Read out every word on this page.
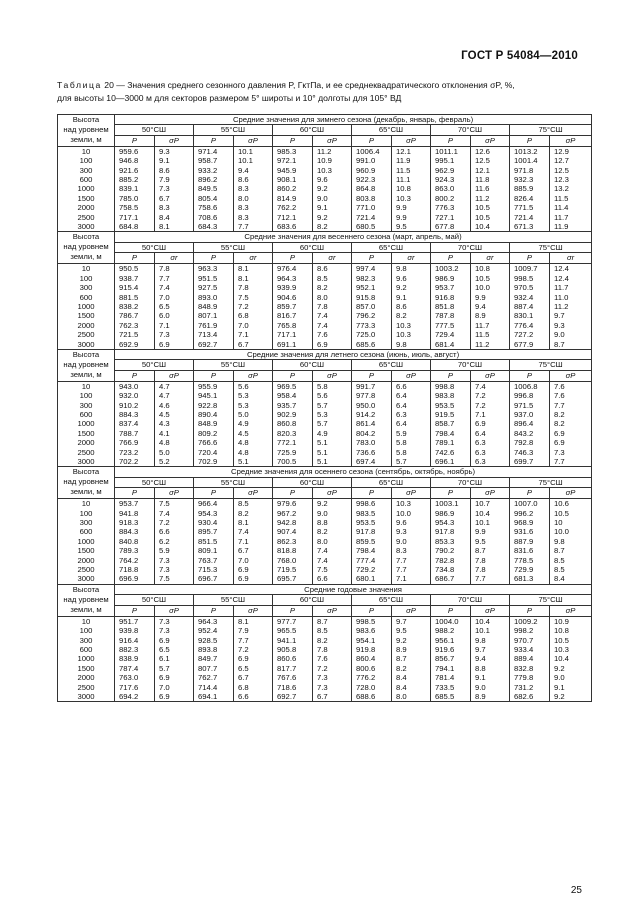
ГОСТ Р 54084—2010
Таблица 20 — Значения среднего сезонного давления P, ГктПа, и ее среднеквадратического отклонения σP, %,
для высоты 10—3000 м для секторов размером 5° широты и 10° долготы для 105° ВД
Высота
над уровнем
земли, м	Средние значения для зимнего сезона (декабрь, январь, февраль)											
	50°СШ		55°СШ		60°СШ		65°СШ		70°СШ		75°СШ	
	P	σP	P	σP	P	σP	P	σP	P	σP	P	σP
10	959.6	9.3	971.4	10.1	985.3	11.2	1006.4	12.1	1011.1	12.6	1013.2	12.9
100	946.8	9.1	958.7	10.1	972.1	10.9	991.0	11.9	995.1	12.5	1001.4	12.7
300	921.6	8.6	933.2	9.4	945.9	10.3	960.9	11.5	962.9	12.1	971.8	12.5
600	885.2	7.9	896.2	8.6	908.1	9.6	922.3	11.1	924.3	11.8	932.3	12.3
1000	839.1	7.3	849.5	8.3	860.2	9.2	864.8	10.8	863.0	11.6	885.9	13.2
1500	785.0	6.7	805.4	8.0	814.9	9.0	803.8	10.3	800.2	11.2	826.4	11.5
2000	758.5	8.3	758.6	8.3	762.2	9.1	771.0	9.9	776.3	10.5	771.5	11.4
2500	717.1	8.4	708.6	8.3	712.1	9.2	721.4	9.9	727.1	10.5	721.4	11.7
3000	684.8	8.1	684.3	7.7	683.6	8.2	680.5	9.5	677.8	10.4	671.3	11.9
Высота
над уровнем
земли, м	Средние значения для весеннего сезона (март, апрель, май)											
	50°СШ		55°СШ		60°СШ		65°СШ		70°СШ		75°СШ	
	P	σr	P	σr	P	σr	P	σr	P	σr	P	σr
10	950.5	7.8	963.3	8.1	976.4	8.6	997.4	9.8	1003.2	10.8	1009.7	12.4
100	938.7	7.7	951.5	8.1	964.3	8.5	982.3	9.6	986.9	10.5	998.5	12.4
300	915.4	7.4	927.5	7.8	939.9	8.2	952.1	9.2	953.7	10.0	970.5	11.7
600	881.5	7.0	893.0	7.5	904.6	8.0	915.8	9.1	916.8	9.9	932.4	11.0
1000	838.2	6.5	848.9	7.2	859.7	7.8	857.0	8.6	851.8	9.4	887.4	11.2
1500	786.7	6.0	807.1	6.8	816.7	7.4	796.2	8.2	787.8	8.9	830.1	9.7
2000	762.3	7.1	761.9	7.0	765.8	7.4	773.3	10.3	777.5	11.7	776.4	9.3
2500	721.5	7.3	713.4	7.1	717.1	7.6	725.0	10.3	729.4	11.5	727.2	9.0
3000	692.9	6.9	692.7	6.7	691.1	6.9	685.6	9.8	681.4	11.2	677.9	8.7
Высота
над уровнем
земли, м	Средние значения для летнего сезона (июнь, июль, август)											
	50°СШ		55°СШ		60°СШ		65°СШ		70°СШ		75°СШ	
	P	σP	P	σP	P	σP	P	σP	P	σP	P	σP
10	943.0	4.7	955.9	5.6	969.5	5.8	991.7	6.6	998.8	7.4	1006.8	7.6
100	932.0	4.7	945.1	5.3	958.4	5.6	977.8	6.4	983.8	7.2	996.8	7.6
300	910.2	4.6	922.8	5.3	935.7	5.7	950.0	6.4	953.5	7.2	971.5	7.7
600	884.3	4.5	890.4	5.0	902.9	5.3	914.2	6.3	919.5	7.1	937.0	8.2
1000	837.4	4.3	848.9	4.9	860.8	5.7	861.4	6.4	858.7	6.9	896.4	8.2
1500	788.7	4.1	809.2	4.5	820.3	4.9	804.2	5.9	798.4	6.4	843.2	6.9
2000	766.9	4.8	766.6	4.8	772.1	5.1	783.0	5.8	789.1	6.3	792.8	6.9
2500	723.2	5.0	720.4	4.8	725.9	5.1	736.6	5.8	742.6	6.3	746.3	7.3
3000	702.2	5.2	702.9	5.1	700.5	5.1	697.4	5.7	696.1	6.3	699.7	7.7
Высота
над уровнем
земли, м	Средние значения для осеннего сезона (сентябрь, октябрь, ноябрь)											
	50°СШ		55°СШ		60°СШ		65°СШ		70°СШ		75°СШ	
	P	σP	P	σP	P	σP	P	σP	P	σP	P	σP
10	953.7	7.5	966.4	8.5	979.6	9.2	998.6	10.3	1003.1	10.7	1007.0	10.6
100	941.8	7.4	954.3	8.2	967.2	9.0	983.5	10.0	986.9	10.4	996.2	10.5
300	918.3	7.2	930.4	8.1	942.8	8.8	953.5	9.6	954.3	10.1	968.9	10
600	884.3	6.6	895.7	7.4	907.4	8.2	917.8	9.3	917.8	9.9	931.6	10.0
1000	840.8	6.2	851.5	7.1	862.3	8.0	859.5	9.0	853.3	9.5	887.9	9.8
1500	789.3	5.9	809.1	6.7	818.8	7.4	798.4	8.3	790.2	8.7	831.6	8.7
2000	764.2	7.3	763.7	7.0	768.0	7.4	777.4	7.7	782.8	7.8	778.5	8.5
2500	718.8	7.3	715.3	6.9	719.5	7.5	729.2	7.7	734.8	7.8	729.9	8.5
3000	696.9	7.5	696.7	6.9	695.7	6.6	680.1	7.1	686.7	7.7	681.3	8.4
Высота
над уровнем
земли, м	Средние годовые значения											
	50°СШ		55°СШ		60°СШ		65°СШ		70°СШ		75°СШ	
	P	σP	P	σP	P	σP	P	σP	P	σP	P	σP
10	951.7	7.3	964.3	8.1	977.7	8.7	998.5	9.7	1004.0	10.4	1009.2	10.9
100	939.8	7.3	952.4	7.9	965.5	8.5	983.6	9.5	988.2	10.1	998.2	10.8
300	916.4	6.9	928.5	7.7	941.1	8.2	954.1	9.2	956.1	9.8	970.7	10.5
600	882.3	6.5	893.8	7.2	905.8	7.8	919.8	8.9	919.6	9.7	933.4	10.3
1000	838.9	6.1	849.7	6.9	860.6	7.6	860.4	8.7	856.7	9.4	889.4	10.4
1500	787.4	5.7	807.7	6.5	817.7	7.2	800.6	8.2	794.1	8.8	832.8	9.2
2000	763.0	6.9	762.7	6.7	767.6	7.3	776.2	8.4	781.4	9.1	779.8	9.0
2500	717.6	7.0	714.4	6.8	718.6	7.3	728.0	8.4	733.5	9.0	731.2	9.1
3000	694.2	6.9	694.1	6.6	692.7	6.7	688.6	8.0	685.5	8.9	682.6	9.2
25
